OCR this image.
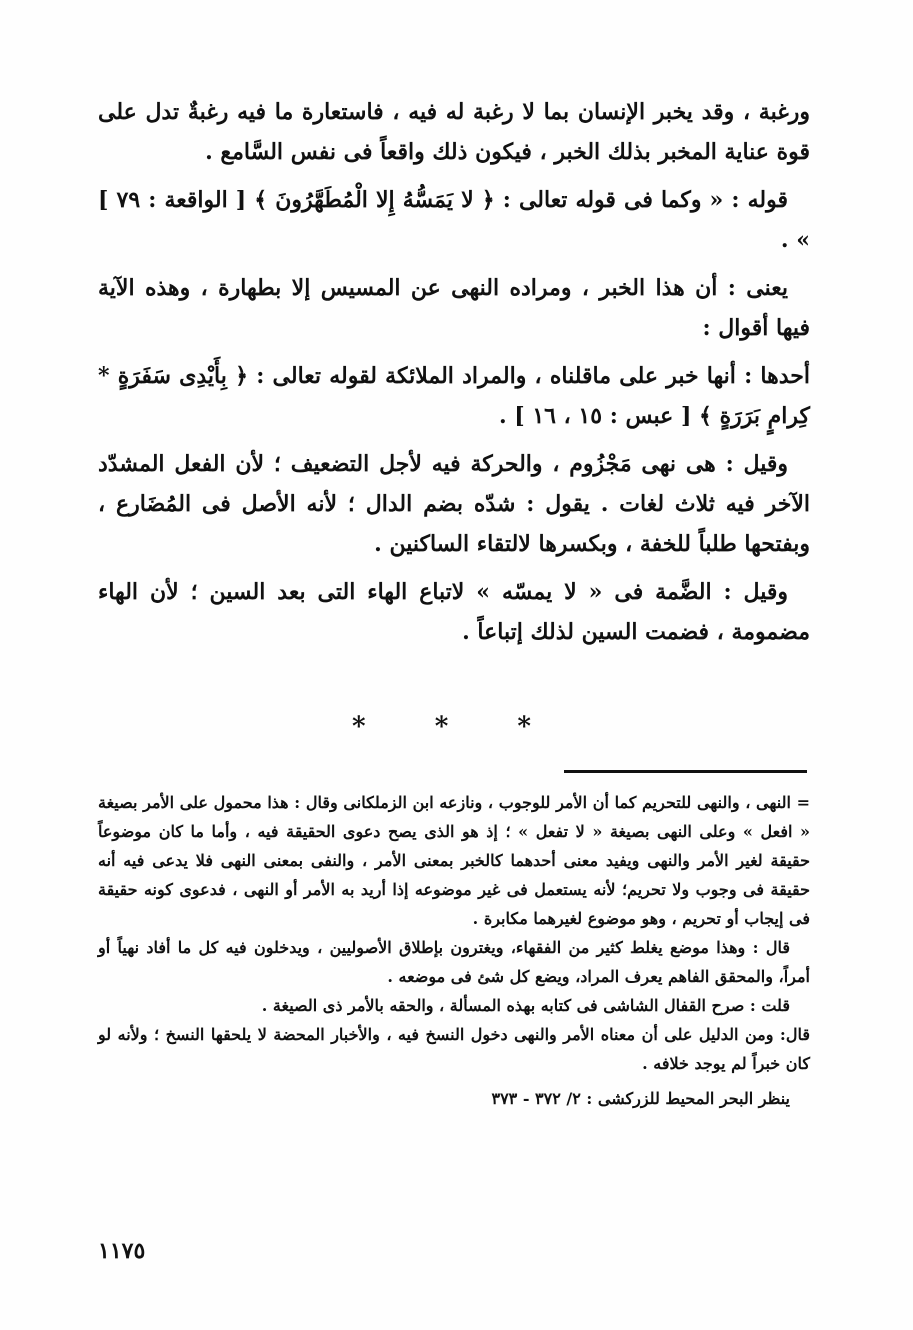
ورغبة ، وقد يخبر الإنسان بما لا رغبة له فيه ، فاستعارة ما فيه رغبةٌ تدل على قوة عناية المخبر بذلك الخبر ، فيكون ذلك واقعاً فى نفس السَّامع .

قوله : « وكما فى قوله تعالى : ﴿ لا يَمَسُّهُ إِلا الْمُطَهَّرُونَ ﴾ [ الواقعة : ٧٩ ] » .

يعنى : أن هذا الخبر ، ومراده النهى عن المسيس إلا بطهارة ، وهذه الآية فيها أقوال :

أحدها : أنها خبر على ماقلناه ، والمراد الملائكة لقوله تعالى : ﴿ بِأَيْدِى سَفَرَةٍ * كِرامٍ بَرَرَةٍ ﴾ [ عبس : ١٥ ، ١٦ ] .

وقيل : هى نهى مَجْزُوم ، والحركة فيه لأجل التضعيف ؛ لأن الفعل المشدّد الآخر فيه ثلاث لغات . يقول : شدّه بضم الدال ؛ لأنه الأصل فى المُضَارع ، وبفتحها طلباً للخفة ، وبكسرها لالتقاء الساكنين .

وقيل : الضَّمة فى « لا يمسّه » لاتباع الهاء التى بعد السين ؛ لأن الهاء مضمومة ، فضمت السين لذلك إتباعاً .

* * *

= النهى ، والنهى للتحريم كما أن الأمر للوجوب ، ونازعه ابن الزملكانى وقال : هذا محمول على الأمر بصيغة « افعل » وعلى النهى بصيغة « لا تفعل » ؛ إذ هو الذى يصح دعوى الحقيقة فيه ، وأما ما كان موضوعاً حقيقة لغير الأمر والنهى ويفيد معنى أحدهما كالخبر بمعنى الأمر ، والنفى بمعنى النهى فلا يدعى فيه أنه حقيقة فى وجوب ولا تحريم؛ لأنه يستعمل فى غير موضوعه إذا أريد به الأمر أو النهى ، فدعوى كونه حقيقة فى إيجاب أو تحريم ، وهو موضوع لغيرهما مكابرة .

قال : وهذا موضع يغلط كثير من الفقهاء، ويغترون بإطلاق الأصوليين ، ويدخلون فيه كل ما أفاد نهياً أو أمراً، والمحقق الفاهم يعرف المراد، ويضع كل شئ فى موضعه .

قلت : صرح القفال الشاشى فى كتابه بهذه المسألة ، والحقه بالأمر ذى الصيغة .

قال: ومن الدليل على أن معناه الأمر والنهى دخول النسخ فيه ، والأخبار المحضة لا يلحقها النسخ ؛ ولأنه لو كان خبراً لم يوجد خلافه .

ينظر البحر المحيط للزركشى : ٢/ ٣٧٢ - ٣٧٣

١١٧٥
